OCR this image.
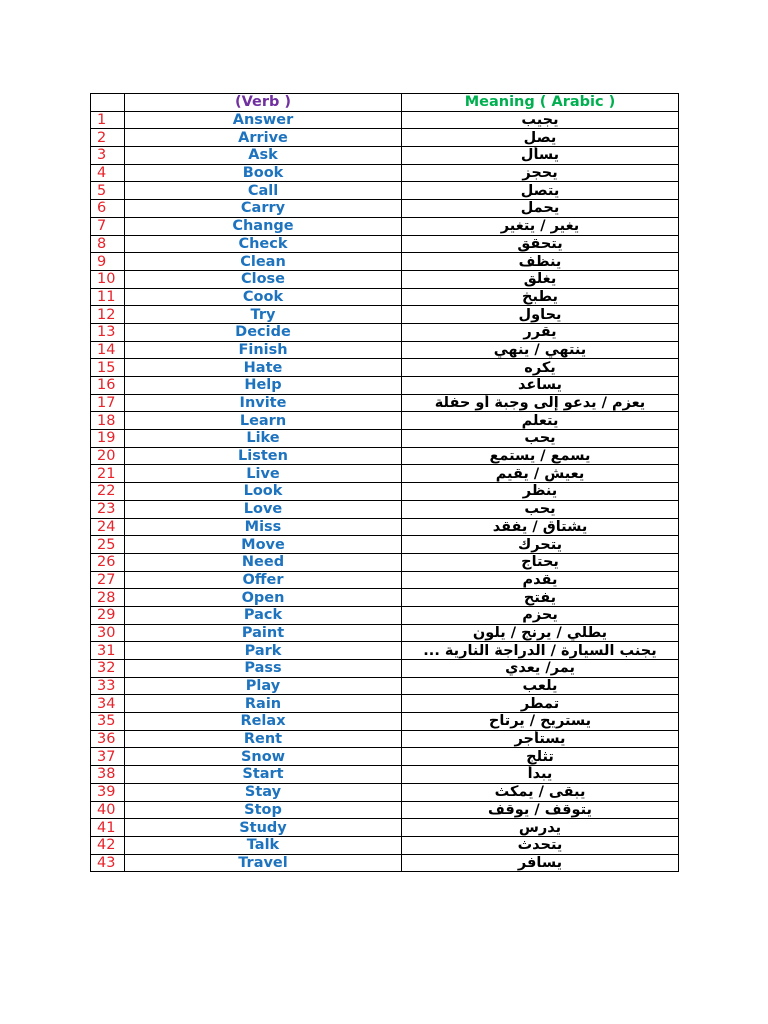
	(Verb )	Meaning ( Arabic )
1	Answer	يجيب
2	Arrive	يصل
3	Ask	يسأل
4	Book	يحجز
5	Call	يتصل
6	Carry	يحمل
7	Change	يغير / يتغير
8	Check	يتحقق
9	Clean	ينظف
10	Close	يغلق
11	Cook	يطبخ
12	Try	يحاول
13	Decide	يقرر
14	Finish	ينتهي / ينهي
15	Hate	يكره
16	Help	يساعد
17	Invite	يعزم / يدعو إلى وجبة أو حفلة
18	Learn	يتعلم
19	Like	يحب
20	Listen	يسمع / يستمع
21	Live	يعيش / يقيم
22	Look	ينظر
23	Love	يحب
24	Miss	يشتاق / يفقد
25	Move	يتحرك
26	Need	يحتاج
27	Offer	يقدم
28	Open	يفتح
29	Pack	يحزم
30	Paint	يطلي / يرنج / يلون
31	Park	يجنب السيارة / الدراجة النارية ...
32	Pass	يمر/ يعدي
33	Play	يلعب
34	Rain	تمطر
35	Relax	يستريح / يرتاح
36	Rent	يستأجر
37	Snow	تثلج
38	Start	يبدأ
39	Stay	يبقى / يمكث
40	Stop	يتوقف / يوقف
41	Study	يدرس
42	Talk	يتحدث
43	Travel	يسافر
